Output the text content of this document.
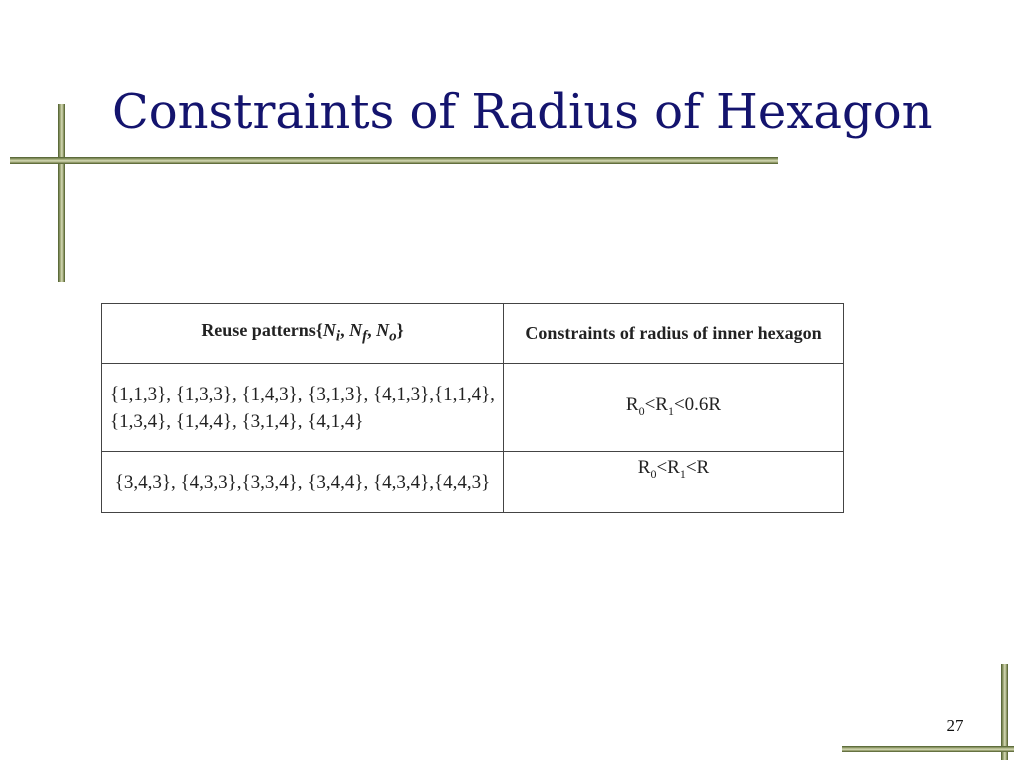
Constraints of Radius of Hexagon
Reuse $patterns\{N_i$, $N_f$, $N_o$}	Constraints of radius of inner hexagon
{1,1,3}, {1,3,3}, {1,4,3}, {3,1,3}, {4,1,3},{1,1,4}, {1,3,4}, {1,4,4}, {3,1,4}, {4,1,4}	$R_0<R_1<0.6R$
{3,4,3}, {4,3,3},{3,3,4}, {3,4,4}, {4,3,4},{4,4,3}	$R_0<R_1<R$
27
